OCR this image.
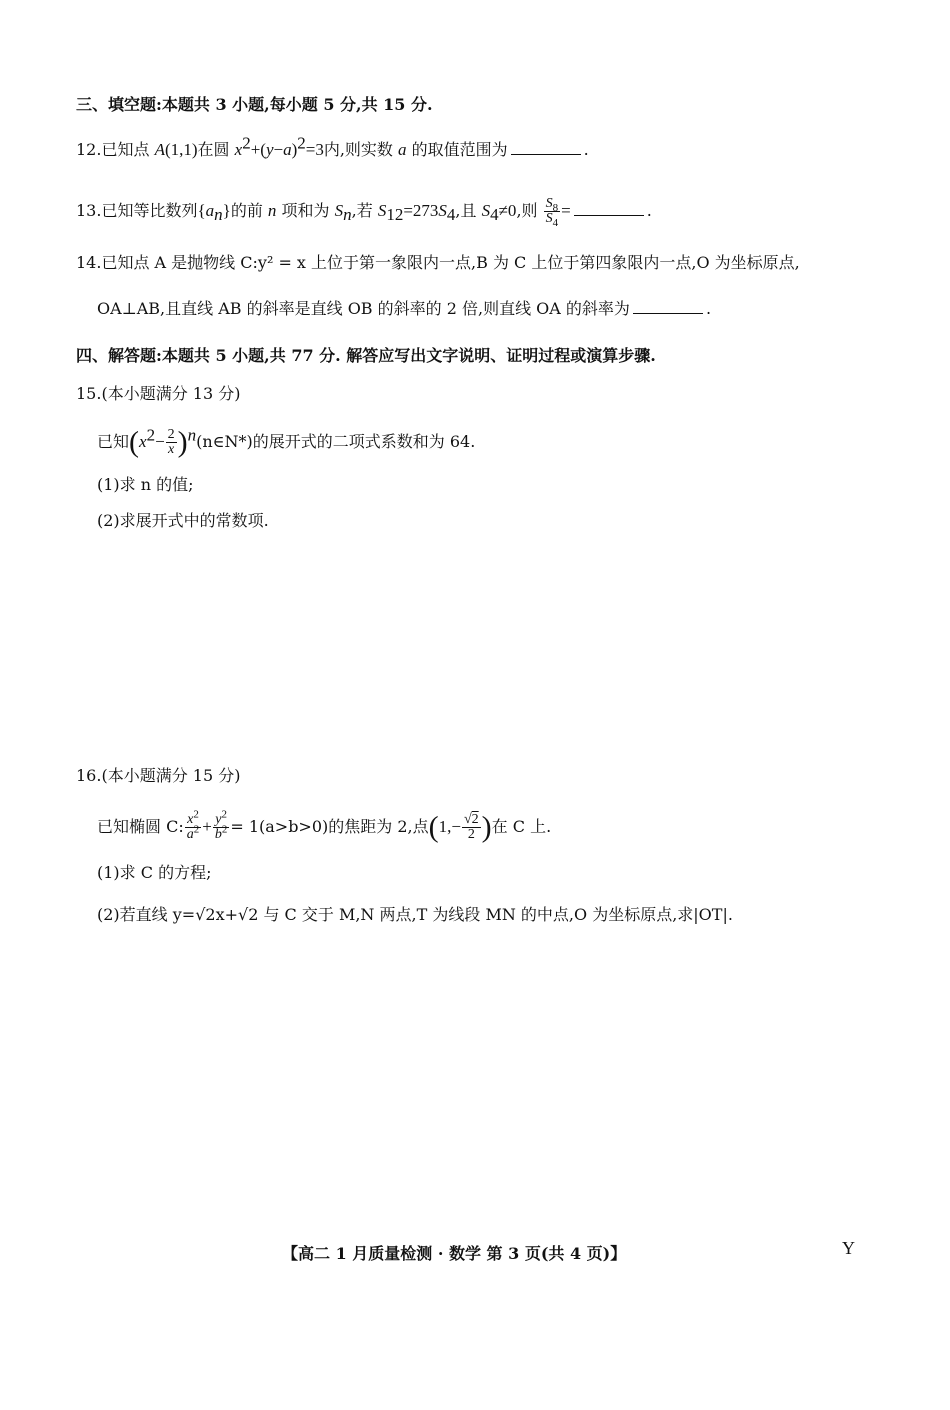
三、填空题:本题共 3 小题,每小题 5 分,共 15 分.
12.已知点 A(1,1)在圆 $x^2+(y-a)^2=3$内,则实数 a 的取值范围为	.
13.已知等比数列$\{a_n\}$的前 n 项和为 $S_n$,若 $S_{12}=273S_4$,且 $S_4\ne 0$,则 $\frac{S_8}{S_4}$ =	.
14.已知点 A 是抛物线 C:y² = x 上位于第一象限内一点,B 为 C 上位于第四象限内一点,O 为坐标原点,
OA⊥AB,且直线 AB 的斜率是直线 OB 的斜率的 2 倍,则直线 OA 的斜率为	.
四、解答题:本题共 5 小题,共 77 分. 解答应写出文字说明、证明过程或演算步骤.
15.(本小题满分 13 分)
已知($x^2- \frac{2}{x}$ )$^n(n\in N*)$的展开式的二项式系数和为 64.
(1)求 n 的值;
(2)求展开式中的常数项.
16.(本小题满分 15 分)
已知椭圆 C: $\frac{x^2}{a^2} + \frac{y^2}{b^2} = 1(a>b>0)$的焦距为 2,点($1,- \frac{√2}{2}$ )在 C 上.
(1)求 C 的方程;
(2)若直线 y=√2x+√2 与 C 交于 M,N 两点,T 为线段 MN 的中点,O 为坐标原点,求|OT|.
【高二 1 月质量检测 · 数学 第 3 页(共 4 页)】	Y
